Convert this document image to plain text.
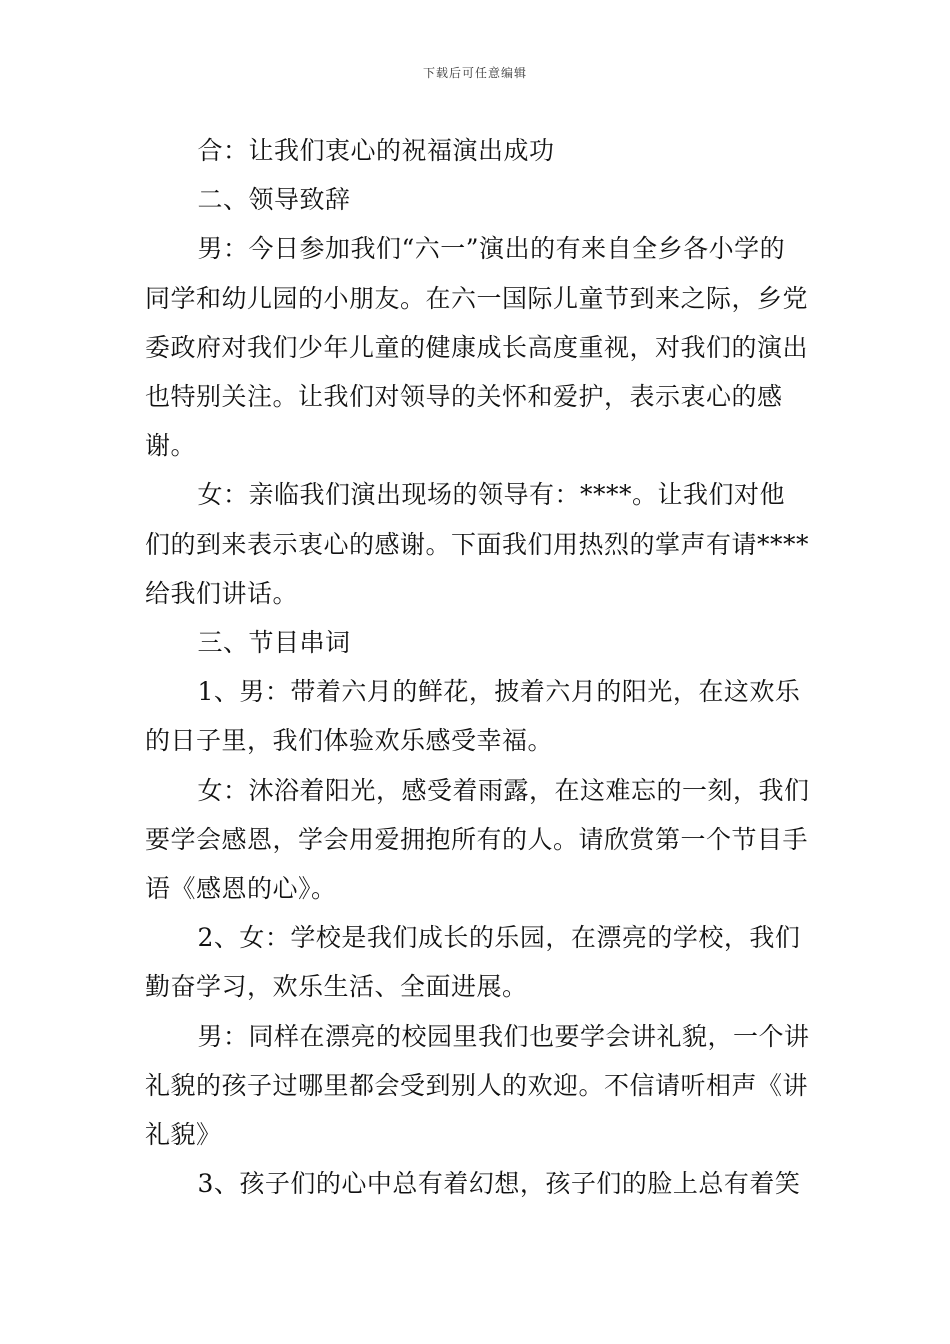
下载后可任意编辑

合：让我们衷心的祝福演出成功

二、领导致辞

男：今日参加我们“六一”演出的有来自全乡各小学的同学和幼儿园的小朋友。在六一国际儿童节到来之际，乡党委政府对我们少年儿童的健康成长高度重视，对我们的演出也特别关注。让我们对领导的关怀和爱护，表示衷心的感谢。

女：亲临我们演出现场的领导有：****。让我们对他们的到来表示衷心的感谢。下面我们用热烈的掌声有请****给我们讲话。

三、节目串词

1、男：带着六月的鲜花，披着六月的阳光，在这欢乐的日子里，我们体验欢乐感受幸福。

女：沐浴着阳光，感受着雨露，在这难忘的一刻，我们要学会感恩，学会用爱拥抱所有的人。请欣赏第一个节目手语《感恩的心》。

2、女：学校是我们成长的乐园，在漂亮的学校，我们勤奋学习，欢乐生活、全面进展。

男：同样在漂亮的校园里我们也要学会讲礼貌，一个讲礼貌的孩子过哪里都会受到别人的欢迎。不信请听相声《讲礼貌》

3、孩子们的心中总有着幻想，孩子们的脸上总有着笑
